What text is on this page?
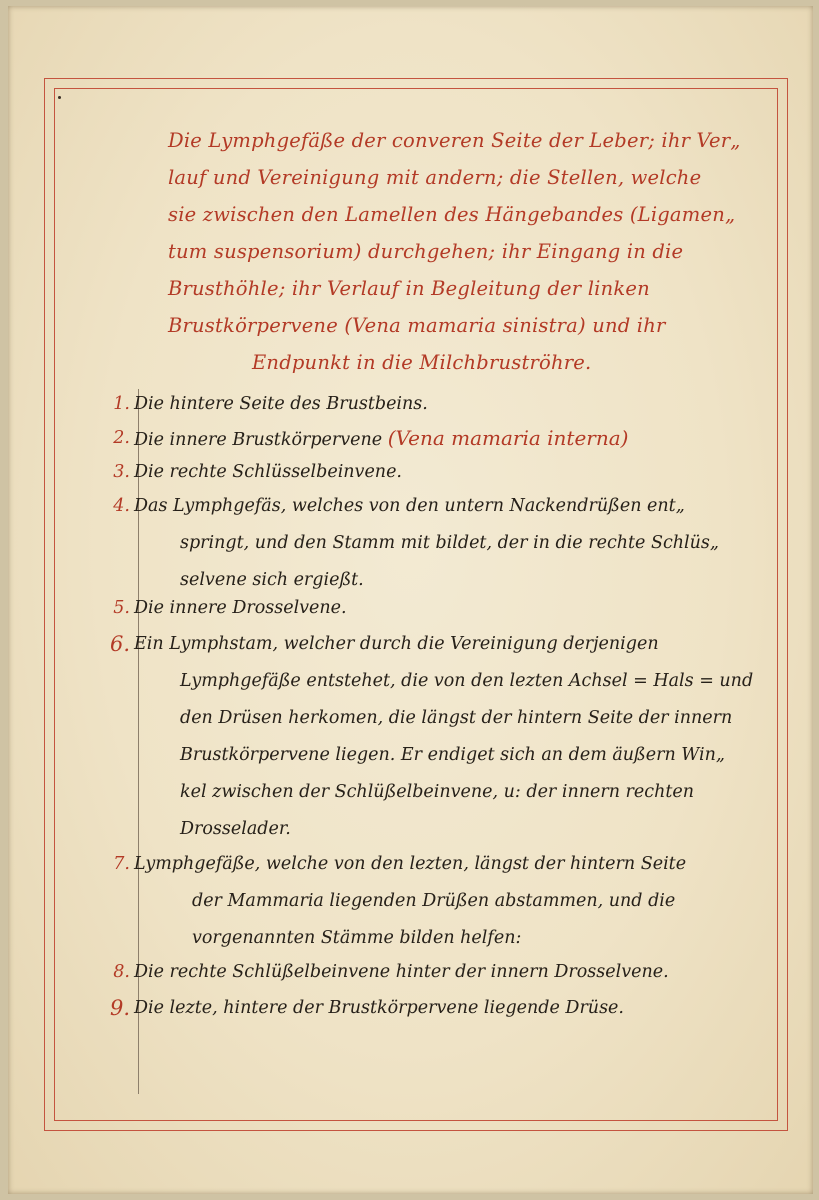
Die Lymphgefäße der converen Seite der Leber; ihr Ver„
lauf und Vereinigung mit andern; die Stellen, welche
sie zwischen den Lamellen des Hängebandes (Ligamen„
tum suspensorium) durchgehen; ihr Eingang in die
Brusthöhle; ihr Verlauf in Begleitung der linken
Brustkörpervene (Vena mamaria sinistra) und ihr
Endpunkt in die Milchbruströhre.
1. Die hintere Seite des Brustbeins.
2. Die innere Brustkörpervene (Vena mamaria interna)
3. Die rechte Schlüsselbeinvene.
4. Das Lymphgefäs, welches von den untern Nackendrüßen ent„
springt, und den Stamm mit bildet, der in die rechte Schlüs„
selvene sich ergießt.
5. Die innere Drosselvene.
6. Ein Lymphstam, welcher durch die Vereinigung derjenigen
Lymphgefäße entstehet, die von den lezten Achsel = Hals = und
den Drüsen herkomen, die längst der hintern Seite der innern
Brustkörpervene liegen. Er endiget sich an dem äußern Win„
kel zwischen der Schlüßelbeinvene, u: der innern rechten
Drosselader.
7. Lymphgefäße, welche von den lezten, längst der hintern Seite
der Mammaria liegenden Drüßen abstammen, und die
vorgenannten Stämme bilden helfen:
8. Die rechte Schlüßelbeinvene hinter der innern Drosselvene.
9. Die lezte, hintere der Brustkörpervene liegende Drüse.
